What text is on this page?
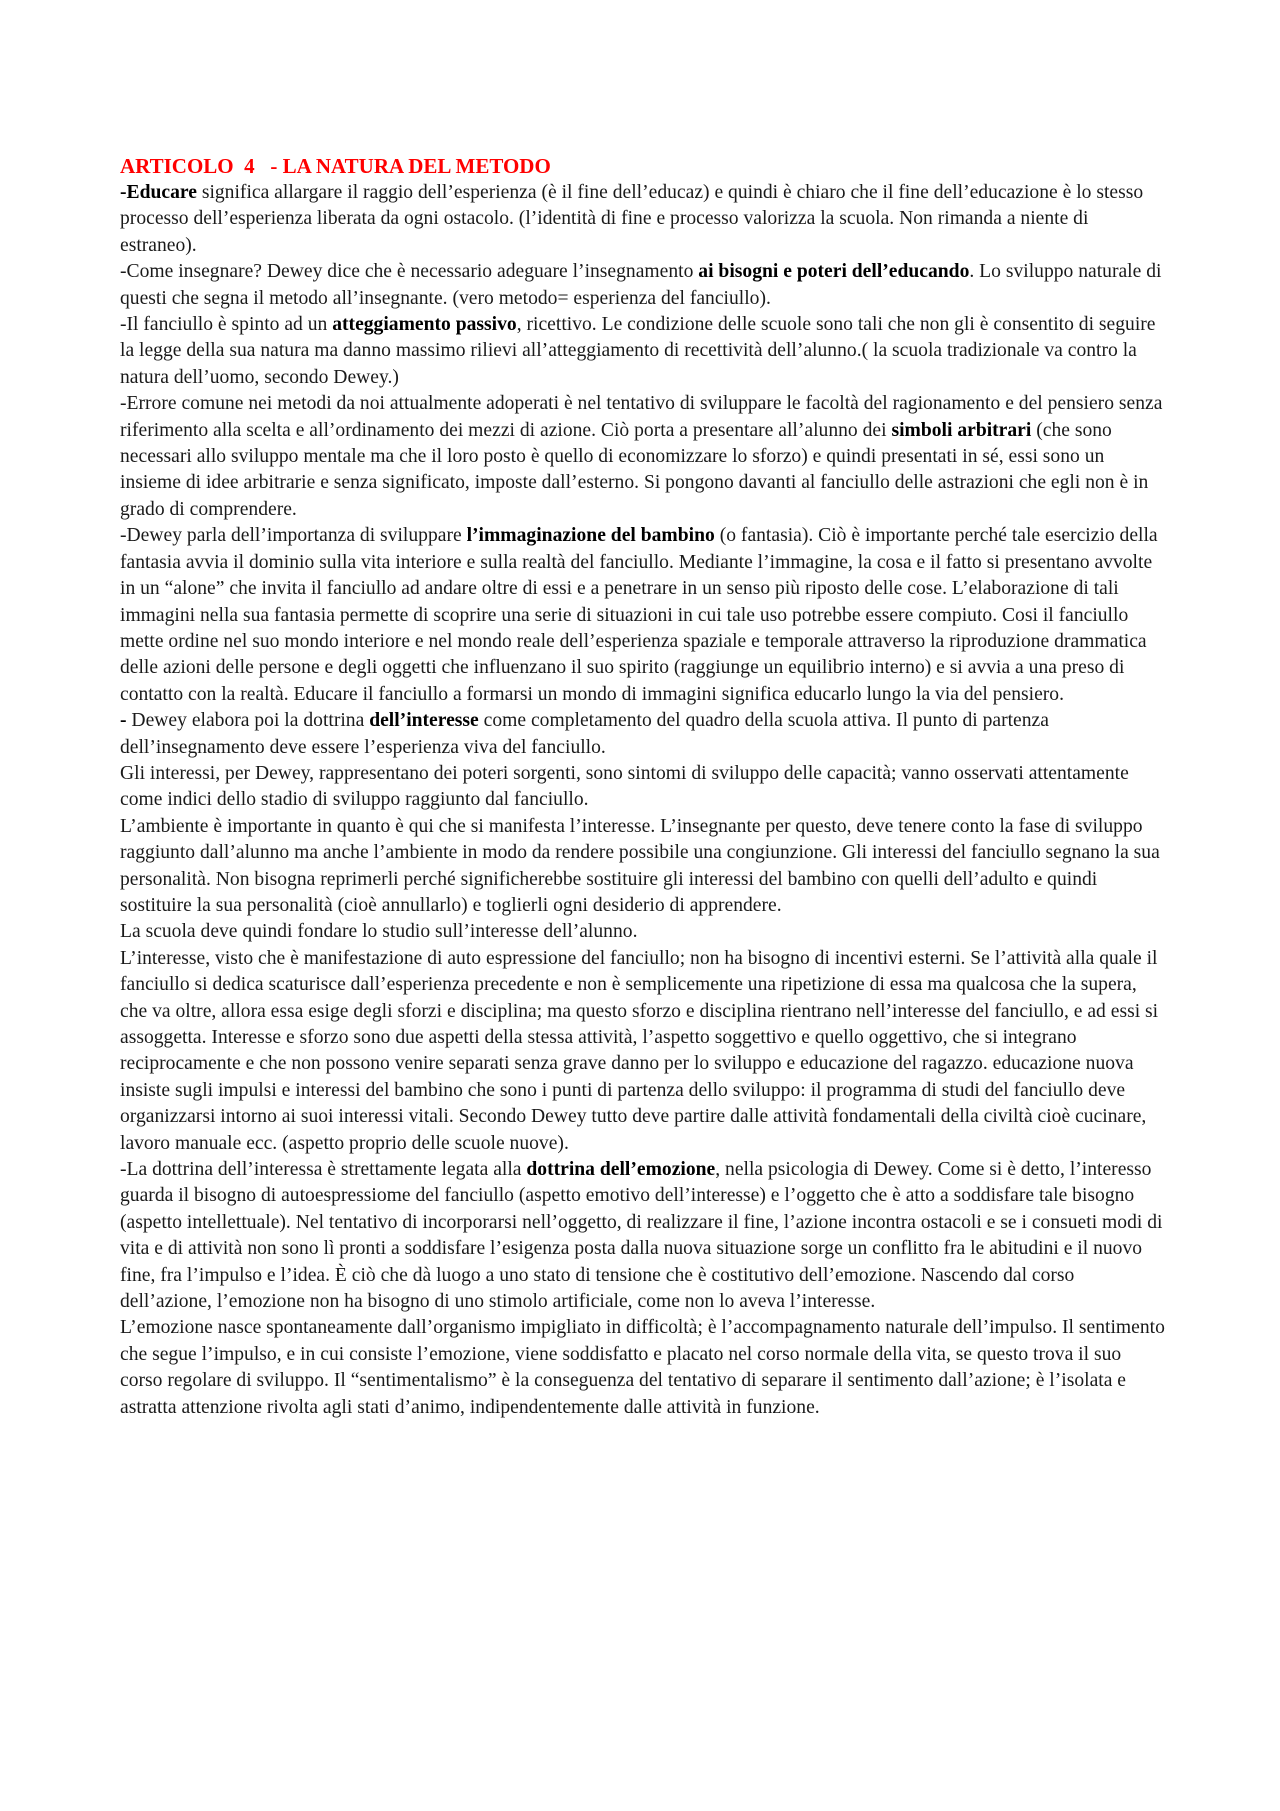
ARTICOLO  4   - LA NATURA DEL METODO

-Educare significa allargare il raggio dell’esperienza (è il fine dell’educaz) e quindi è chiaro che il fine dell’educazione è lo stesso processo dell’esperienza liberata da ogni ostacolo. (l’identità di fine e processo valorizza la scuola. Non rimanda a niente di estraneo).

-Come insegnare? Dewey dice che è necessario adeguare l’insegnamento ai bisogni e poteri dell’educando. Lo sviluppo naturale di questi che segna il metodo all’insegnante. (vero metodo= esperienza del fanciullo).

-Il fanciullo è spinto ad un atteggiamento passivo, ricettivo. Le condizione delle scuole sono tali che non gli è consentito di seguire la legge della sua natura ma danno massimo rilievi all’atteggiamento di recettività dell’alunno.( la scuola tradizionale va contro la natura dell’uomo, secondo Dewey.)

-Errore comune nei metodi da noi attualmente adoperati è nel tentativo di sviluppare le facoltà del ragionamento e del pensiero senza riferimento alla scelta e all’ordinamento dei mezzi di azione. Ciò porta a presentare all’alunno dei simboli arbitrari (che sono necessari allo sviluppo mentale ma che il loro posto è quello di economizzare lo sforzo) e quindi presentati in sé, essi sono un insieme di idee arbitrarie e senza significato, imposte dall’esterno. Si pongono davanti al fanciullo delle astrazioni che egli non è in grado di comprendere.

-Dewey parla dell’importanza di sviluppare l’immaginazione del bambino (o fantasia). Ciò è importante perché tale esercizio della fantasia avvia il dominio sulla vita interiore e sulla realtà del fanciullo. Mediante l’immagine, la cosa e il fatto si presentano avvolte in un “alone” che invita il fanciullo ad andare oltre di essi e a penetrare in un senso più riposto delle cose. L’elaborazione di tali immagini nella sua fantasia permette di scoprire una serie di situazioni in cui tale uso potrebbe essere compiuto. Cosi il fanciullo mette ordine nel suo mondo interiore e nel mondo reale dell’esperienza spaziale e temporale attraverso la riproduzione drammatica delle azioni delle persone e degli oggetti che influenzano il suo spirito (raggiunge un equilibrio interno) e si avvia a una preso di contatto con la realtà. Educare il fanciullo a formarsi un mondo di immagini significa educarlo lungo la via del pensiero.

- Dewey elabora poi la dottrina dell’interesse come completamento del quadro della scuola attiva. Il punto di partenza dell’insegnamento deve essere l’esperienza viva del fanciullo.

Gli interessi, per Dewey, rappresentano dei poteri sorgenti, sono sintomi di sviluppo delle capacità; vanno osservati attentamente come indici dello stadio di sviluppo raggiunto dal fanciullo.

L’ambiente è importante in quanto è qui che si manifesta l’interesse. L’insegnante per questo, deve tenere conto la fase di sviluppo raggiunto dall’alunno ma anche l’ambiente in modo da rendere possibile una congiunzione. Gli interessi del fanciullo segnano la sua personalità. Non bisogna reprimerli perché significherebbe sostituire gli interessi del bambino con quelli dell’adulto e quindi sostituire la sua personalità (cioè annullarlo) e toglierli ogni desiderio di apprendere.

La scuola deve quindi fondare lo studio sull’interesse dell’alunno.

L’interesse, visto che è manifestazione di auto espressione del fanciullo; non ha bisogno di incentivi esterni. Se l’attività alla quale il fanciullo si dedica scaturisce dall’esperienza precedente e non è semplicemente una ripetizione di essa ma qualcosa che la supera, che va oltre, allora essa esige degli sforzi e disciplina; ma questo sforzo e disciplina rientrano nell’interesse del fanciullo, e ad essi si assoggetta. Interesse e sforzo sono due aspetti della stessa attività, l’aspetto soggettivo e quello oggettivo, che si integrano reciprocamente e che non possono venire separati senza grave danno per lo sviluppo e educazione del ragazzo. educazione nuova insiste sugli impulsi e interessi del bambino che sono i punti di partenza dello sviluppo: il programma di studi del fanciullo deve organizzarsi intorno ai suoi interessi vitali. Secondo Dewey tutto deve partire dalle attività fondamentali della civiltà cioè cucinare, lavoro manuale ecc. (aspetto proprio delle scuole nuove).

-La dottrina dell’interessa è strettamente legata alla dottrina dell’emozione, nella psicologia di Dewey. Come si è detto, l’interesso guarda il bisogno di autoespressiome del fanciullo (aspetto emotivo dell’interesse) e l’oggetto che è atto a soddisfare tale bisogno (aspetto intellettuale). Nel tentativo di incorporarsi nell’oggetto, di realizzare il fine, l’azione incontra ostacoli e se i consueti modi di vita e di attività non sono lì pronti a soddisfare l’esigenza posta dalla nuova situazione sorge un conflitto fra le abitudini e il nuovo fine, fra l’impulso e l’idea. È ciò che dà luogo a uno stato di tensione che è costitutivo dell’emozione. Nascendo dal corso dell’azione, l’emozione non ha bisogno di uno stimolo artificiale, come non lo aveva l’interesse.

L’emozione nasce spontaneamente dall’organismo impigliato in difficoltà; è l’accompagnamento naturale dell’impulso. Il sentimento che segue l’impulso, e in cui consiste l’emozione, viene soddisfatto e placato nel corso normale della vita, se questo trova il suo corso regolare di sviluppo. Il “sentimentalismo” è la conseguenza del tentativo di separare il sentimento dall’azione; è l’isolata e astratta attenzione rivolta agli stati d’animo, indipendentemente dalle attività in funzione.
